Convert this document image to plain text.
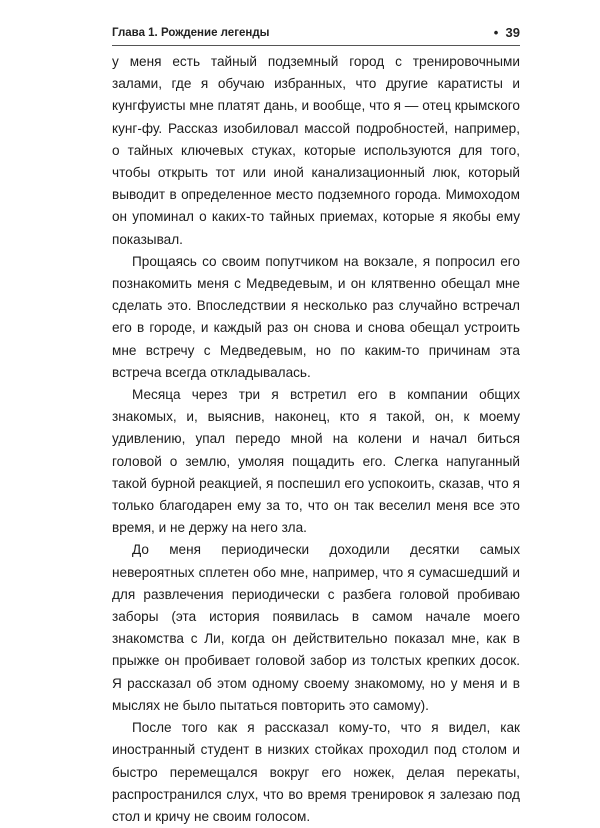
Глава 1. Рождение легенды	• 39

у меня есть тайный подземный город с тренировочными залами, где я обучаю избранных, что другие каратисты и кунгфуисты мне платят дань, и вообще, что я — отец крымского кунг-фу. Рассказ изобиловал массой подробностей, например, о тайных ключевых стуках, которые используются для того, чтобы открыть тот или иной канализационный люк, который выводит в определенное место подземного города. Мимоходом он упоминал о каких-то тайных приемах, которые я якобы ему показывал.

Прощаясь со своим попутчиком на вокзале, я попросил его познакомить меня с Медведевым, и он клятвенно обещал мне сделать это. Впоследствии я несколько раз случайно встречал его в городе, и каждый раз он снова и снова обещал устроить мне встречу с Медведевым, но по каким-то причинам эта встреча всегда откладывалась.

Месяца через три я встретил его в компании общих знакомых, и, выяснив, наконец, кто я такой, он, к моему удивлению, упал передо мной на колени и начал биться головой о землю, умоляя пощадить его. Слегка напуганный такой бурной реакцией, я поспешил его успокоить, сказав, что я только благодарен ему за то, что он так веселил меня все это время, и не держу на него зла.

До меня периодически доходили десятки самых невероятных сплетен обо мне, например, что я сумасшедший и для развлечения периодически с разбега головой пробиваю заборы (эта история появилась в самом начале моего знакомства с Ли, когда он действительно показал мне, как в прыжке он пробивает головой забор из толстых крепких досок. Я рассказал об этом одному своему знакомому, но у меня и в мыслях не было пытаться повторить это самому).

После того как я рассказал кому-то, что я видел, как иностранный студент в низких стойках проходил под столом и быстро перемещался вокруг его ножек, делая перекаты, распространился слух, что во время тренировок я залезаю под стол и кричу не своим голосом.
